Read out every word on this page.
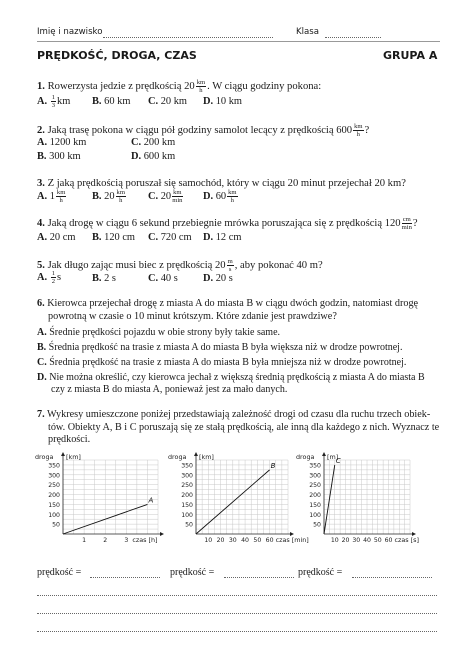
Imię i nazwisko	Klasa
PRĘDKOŚĆ, DROGA, CZAS	GRUPA A
1. Rowerzysta jedzie z prędkością $20 \frac{km}{h}$ . W ciągu godziny pokona:
A. $\frac{1}{3}$ km B. 60 km C. 20 km D. 10 km
2. Jaką trasę pokona w ciągu pół godziny samolot lecący z prędkością $600 \frac{km}{h}$ ?
A. 1200 km	C. 200 km
B. 300 km	D. 600 km
3. Z jaką prędkością poruszał się samochód, który w ciągu 20 minut przejechał 20 km?
A. $1 \frac{km}{h} B$. $20 \frac{km}{h} C$. $20 \frac{km}{\min} D$. $60 \frac{km}{h}$
4. Jaką drogę w ciągu 6 sekund przebiegnie mrówka poruszająca się z prędkością $120 \frac{cm}{\min}$ ?
A. 20 cm B. 120 cm C. 720 cm D. 12 cm
5. Jak długo zając musi biec z prędkością $20 \frac{m}{s}$ , aby pokonać 40 m?
A. $\frac{1}{2}$ s	B. 2 s	C. 40 s D. 20 s
6. Kierowca przejechał drogę z miasta A do miasta B w ciągu dwóch godzin, natomiast drogę
powrotną w czasie o 10 minut krótszym. Które zdanie jest prawdziwe?
A. Średnie prędkości pojazdu w obie strony były takie same.
B. Średnia prędkość na trasie z miasta A do miasta B była większa niż w drodze powrotnej.
C. Średnia prędkość na trasie z miasta A do miasta B była mniejsza niż w drodze powrotnej.
D. Nie można określić, czy kierowca jechał z większą średnią prędkością z miasta A do miasta B
czy z miasta B do miasta A, ponieważ jest za mało danych.
7. Wykresy umieszczone poniżej przedstawiają zależność drogi od czasu dla ruchu trzech obiek-
tów. Obiekty A, B i C poruszają się ze stałą prędkością, ale inną dla każdego z nich. Wyznacz te
prędkości.
50
100
150
200
250
300
350
1	2	3
droga [km]
czas [h]
A
50
100
150
200
250
300
350
10 20 30 40 50 60
droga [km]
czas [min]
B
50
100
150
200
250
300
350
10 20 30 40 50 60
droga [m]
czas [s]
C
prędkość =	prędkość =	prędkość =
